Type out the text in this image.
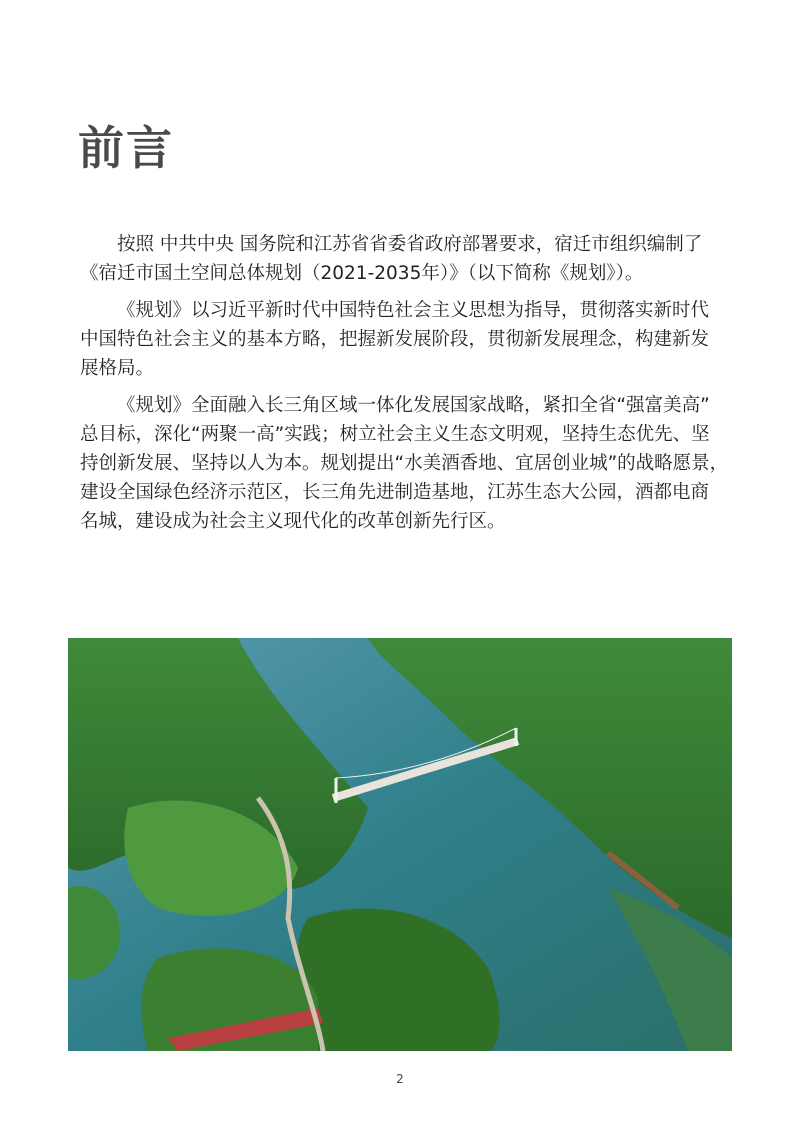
前言

按照 中共中央 国务院和江苏省省委省政府部署要求，宿迁市组织编制了
《宿迁市国土空间总体规划（2021-2035年）》（以下简称《规划》）。

《规划》以习近平新时代中国特色社会主义思想为指导，贯彻落实新时代
中国特色社会主义的基本方略，把握新发展阶段，贯彻新发展理念，构建新发
展格局。

《规划》全面融入长三角区域一体化发展国家战略，紧扣全省“强富美高”
总目标，深化“两聚一高”实践；树立社会主义生态文明观，坚持生态优先、坚
持创新发展、坚持以人为本。规划提出“水美酒香地、宜居创业城”的战略愿景，
建设全国绿色经济示范区，长三角先进制造基地，江苏生态大公园，酒都电商
名城，建设成为社会主义现代化的改革创新先行区。

2
